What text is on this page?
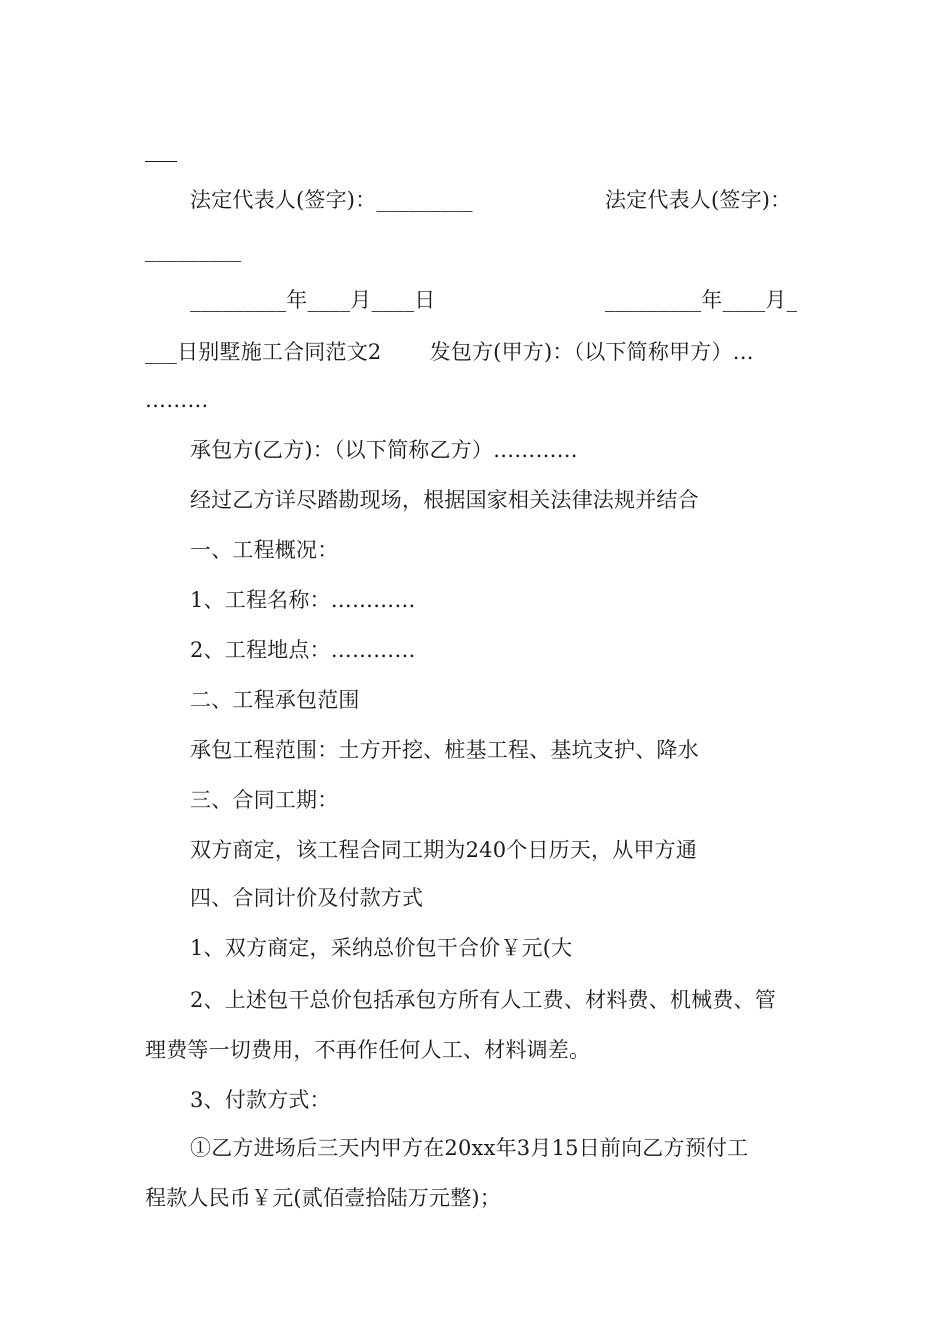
法定代表人(签字)：_________	法定代表人(签字)：
_________
_________年____月____日	_________年____月_
___日别墅施工合同范文2       发包方(甲方)：（以下简称甲方）…
………
承包方(乙方)：（以下简称乙方）…………
经过乙方详尽踏勘现场，根据国家相关法律法规并结合
一、工程概况：
1、工程名称：…………
2、工程地点：…………
二、工程承包范围
承包工程范围：土方开挖、桩基工程、基坑支护、降水
三、合同工期：
双方商定，该工程合同工期为240个日历天，从甲方通
四、合同计价及付款方式
1、双方商定，采纳总价包干合价￥元(大
2、上述包干总价包括承包方所有人工费、材料费、机械费、管
理费等一切费用，不再作任何人工、材料调差。
3、付款方式：
①乙方进场后三天内甲方在20xx年3月15日前向乙方预付工
程款人民币￥元(贰佰壹拾陆万元整)；
